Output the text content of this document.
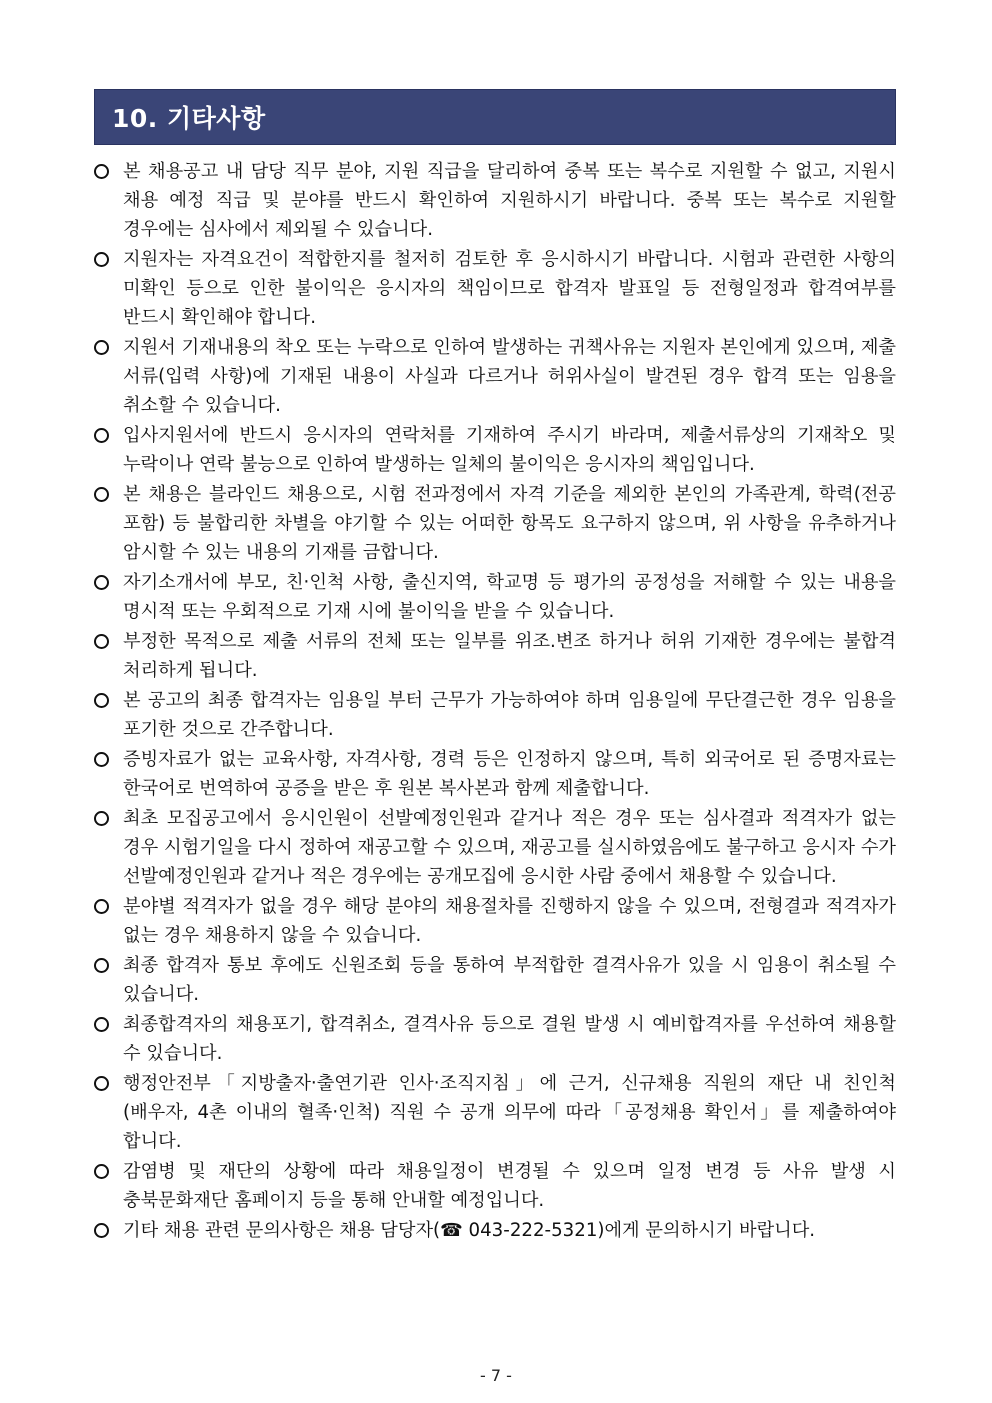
10. 기타사항
본 채용공고 내 담당 직무 분야, 지원 직급을 달리하여 중복 또는 복수로 지원할 수 없고, 지원시 채용 예정 직급 및 분야를 반드시 확인하여 지원하시기 바랍니다. 중복 또는 복수로 지원할 경우에는 심사에서 제외될 수 있습니다.
지원자는 자격요건이 적합한지를 철저히 검토한 후 응시하시기 바랍니다. 시험과 관련한 사항의 미확인 등으로 인한 불이익은 응시자의 책임이므로 합격자 발표일 등 전형일정과 합격여부를 반드시 확인해야 합니다.
지원서 기재내용의 착오 또는 누락으로 인하여 발생하는 귀책사유는 지원자 본인에게 있으며, 제출 서류(입력 사항)에 기재된 내용이 사실과 다르거나 허위사실이 발견된 경우 합격 또는 임용을 취소할 수 있습니다.
입사지원서에 반드시 응시자의 연락처를 기재하여 주시기 바라며, 제출서류상의 기재착오 및 누락이나 연락 불능으로 인하여 발생하는 일체의 불이익은 응시자의 책임입니다.
본 채용은 블라인드 채용으로, 시험 전과정에서 자격 기준을 제외한 본인의 가족관계, 학력(전공 포함) 등 불합리한 차별을 야기할 수 있는 어떠한 항목도 요구하지 않으며, 위 사항을 유추하거나 암시할 수 있는 내용의 기재를 금합니다.
자기소개서에 부모, 친·인척 사항, 출신지역, 학교명 등 평가의 공정성을 저해할 수 있는 내용을 명시적 또는 우회적으로 기재 시에 불이익을 받을 수 있습니다.
부정한 목적으로 제출 서류의 전체 또는 일부를 위조.변조 하거나 허위 기재한 경우에는 불합격 처리하게 됩니다.
본 공고의 최종 합격자는 임용일 부터 근무가 가능하여야 하며 임용일에 무단결근한 경우 임용을 포기한 것으로 간주합니다.
증빙자료가 없는 교육사항, 자격사항, 경력 등은 인정하지 않으며, 특히 외국어로 된 증명자료는 한국어로 번역하여 공증을 받은 후 원본 복사본과 함께 제출합니다.
최초 모집공고에서 응시인원이 선발예정인원과 같거나 적은 경우 또는 심사결과 적격자가 없는 경우 시험기일을 다시 정하여 재공고할 수 있으며, 재공고를 실시하였음에도 불구하고 응시자 수가 선발예정인원과 같거나 적은 경우에는 공개모집에 응시한 사람 중에서 채용할 수 있습니다.
분야별 적격자가 없을 경우 해당 분야의 채용절차를 진행하지 않을 수 있으며, 전형결과 적격자가 없는 경우 채용하지 않을 수 있습니다.
최종 합격자 통보 후에도 신원조회 등을 통하여 부적합한 결격사유가 있을 시 임용이 취소될 수 있습니다.
최종합격자의 채용포기, 합격취소, 결격사유 등으로 결원 발생 시 예비합격자를 우선하여 채용할 수 있습니다.
행정안전부「지방출자·출연기관 인사·조직지침」에 근거, 신규채용 직원의 재단 내 친인척(배우자, 4촌 이내의 혈족·인척) 직원 수 공개 의무에 따라「공정채용 확인서」를 제출하여야 합니다.
감염병 및 재단의 상황에 따라 채용일정이 변경될 수 있으며 일정 변경 등 사유 발생 시 충북문화재단 홈페이지 등을 통해 안내할 예정입니다.
기타 채용 관련 문의사항은 채용 담당자(☎ 043-222-5321)에게 문의하시기 바랍니다.
- 7 -
